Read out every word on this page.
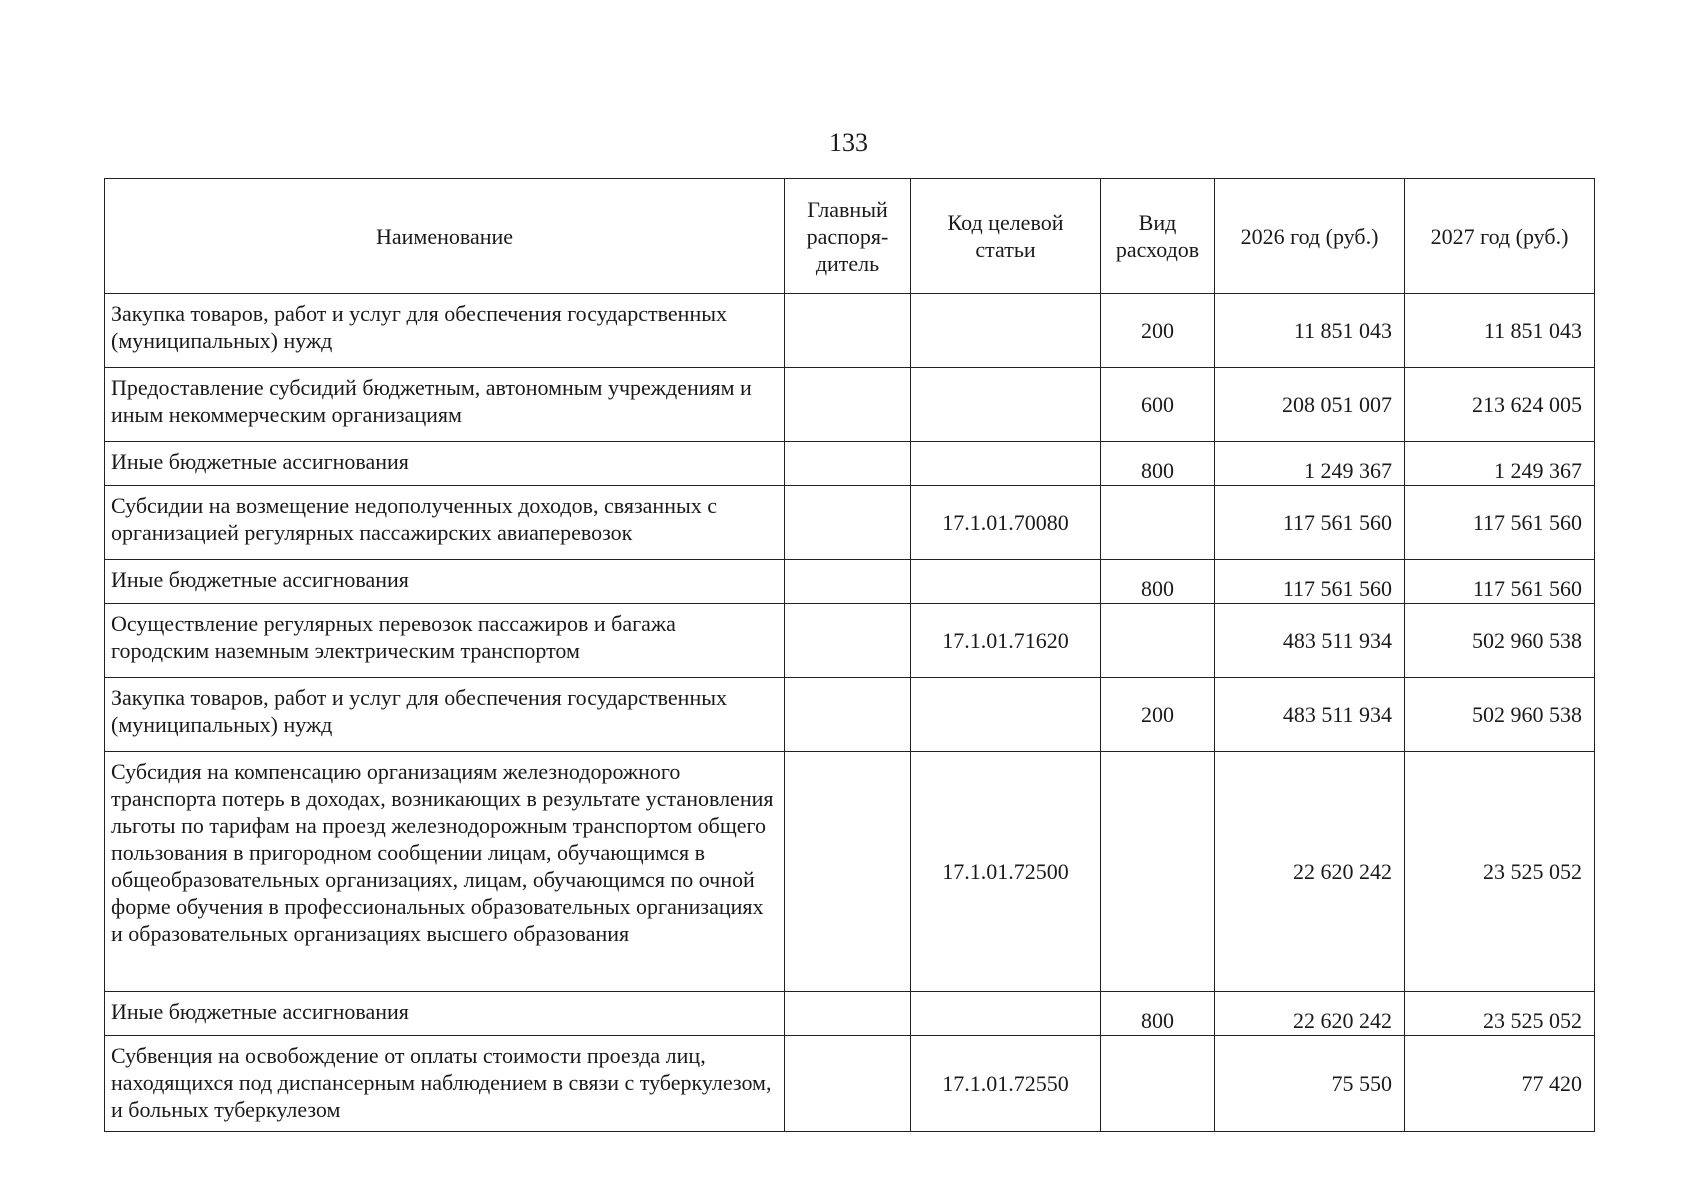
133
Наименование	Главный распоря-дитель	Код целевой статьи	Вид расходов	2026 год (руб.)	2027 год (руб.)
Закупка товаров, работ и услуг для обеспечения государственных (муниципальных) нужд			200	11 851 043	11 851 043
Предоставление субсидий бюджетным, автономным учреждениям и иным некоммерческим организациям			600	208 051 007	213 624 005
Иные бюджетные ассигнования			800	1 249 367	1 249 367
Субсидии на возмещение недополученных доходов, связанных с организацией регулярных пассажирских авиаперевозок		17.1.01.70080		117 561 560	117 561 560
Иные бюджетные ассигнования			800	117 561 560	117 561 560
Осуществление регулярных перевозок пассажиров и багажа городским наземным электрическим транспортом		17.1.01.71620		483 511 934	502 960 538
Закупка товаров, работ и услуг для обеспечения государственных (муниципальных) нужд			200	483 511 934	502 960 538
Субсидия на компенсацию организациям железнодорожного транспорта потерь в доходах, возникающих в результате установления льготы по тарифам на проезд железнодорожным транспортом общего пользования в пригородном сообщении лицам, обучающимся в общеобразовательных организациях, лицам, обучающимся по очной форме обучения в профессиональных образовательных организациях и образовательных организациях высшего образования		17.1.01.72500		22 620 242	23 525 052
Иные бюджетные ассигнования			800	22 620 242	23 525 052
Субвенция на освобождение от оплаты стоимости проезда лиц, находящихся под диспансерным наблюдением в связи с туберкулезом, и больных туберкулезом		17.1.01.72550		75 550	77 420
